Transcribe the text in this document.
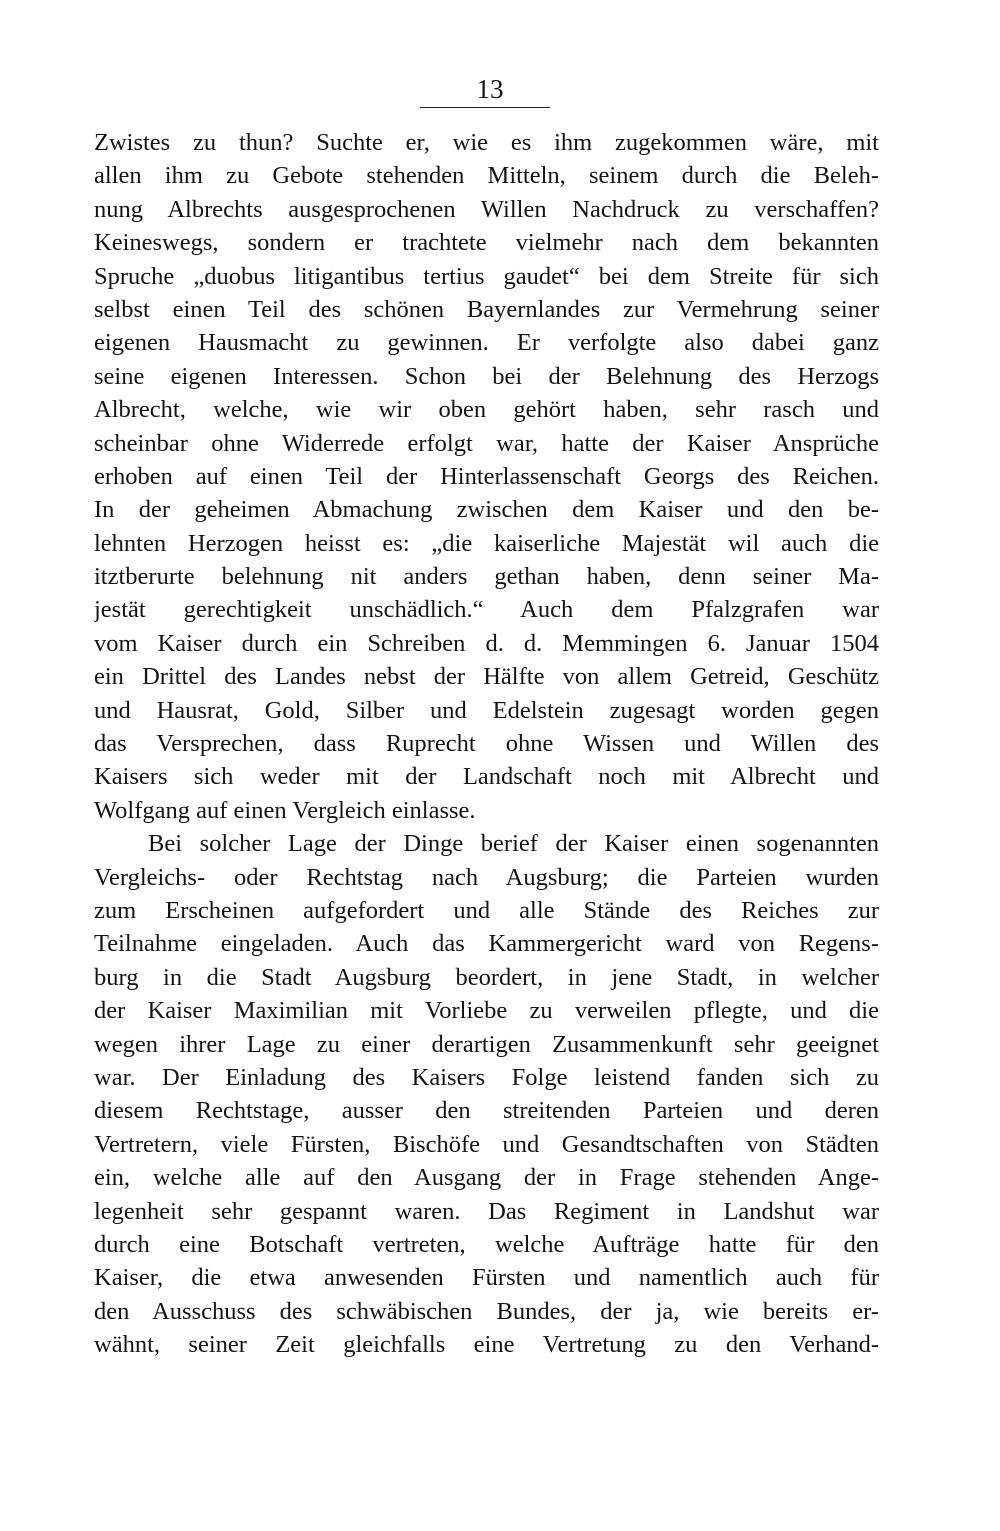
13
Zwistes zu thun? Suchte er, wie es ihm zugekommen wäre, mit
allen ihm zu Gebote stehenden Mitteln, seinem durch die Beleh-
nung Albrechts ausgesprochenen Willen Nachdruck zu verschaffen?
Keineswegs, sondern er trachtete vielmehr nach dem bekannten
Spruche „duobus litigantibus tertius gaudet“ bei dem Streite für sich
selbst einen Teil des schönen Bayernlandes zur Vermehrung seiner
eigenen Hausmacht zu gewinnen. Er verfolgte also dabei ganz
seine eigenen Interessen. Schon bei der Belehnung des Herzogs
Albrecht, welche, wie wir oben gehört haben, sehr rasch und
scheinbar ohne Widerrede erfolgt war, hatte der Kaiser Ansprüche
erhoben auf einen Teil der Hinterlassenschaft Georgs des Reichen.
In der geheimen Abmachung zwischen dem Kaiser und den be-
lehnten Herzogen heisst es: „die kaiserliche Majestät wil auch die
itztberurte belehnung nit anders gethan haben, denn seiner Ma-
jestät gerechtigkeit unschädlich.“ Auch dem Pfalzgrafen war
vom Kaiser durch ein Schreiben d. d. Memmingen 6. Januar 1504
ein Drittel des Landes nebst der Hälfte von allem Getreid, Geschütz
und Hausrat, Gold, Silber und Edelstein zugesagt worden gegen
das Versprechen, dass Ruprecht ohne Wissen und Willen des
Kaisers sich weder mit der Landschaft noch mit Albrecht und
Wolfgang auf einen Vergleich einlasse.
Bei solcher Lage der Dinge berief der Kaiser einen sogenannten
Vergleichs- oder Rechtstag nach Augsburg; die Parteien wurden
zum Erscheinen aufgefordert und alle Stände des Reiches zur
Teilnahme eingeladen. Auch das Kammergericht ward von Regens-
burg in die Stadt Augsburg beordert, in jene Stadt, in welcher
der Kaiser Maximilian mit Vorliebe zu verweilen pflegte, und die
wegen ihrer Lage zu einer derartigen Zusammenkunft sehr geeignet
war. Der Einladung des Kaisers Folge leistend fanden sich zu
diesem Rechtstage, ausser den streitenden Parteien und deren
Vertretern, viele Fürsten, Bischöfe und Gesandtschaften von Städten
ein, welche alle auf den Ausgang der in Frage stehenden Ange-
legenheit sehr gespannt waren. Das Regiment in Landshut war
durch eine Botschaft vertreten, welche Aufträge hatte für den
Kaiser, die etwa anwesenden Fürsten und namentlich auch für
den Ausschuss des schwäbischen Bundes, der ja, wie bereits er-
wähnt, seiner Zeit gleichfalls eine Vertretung zu den Verhand-
